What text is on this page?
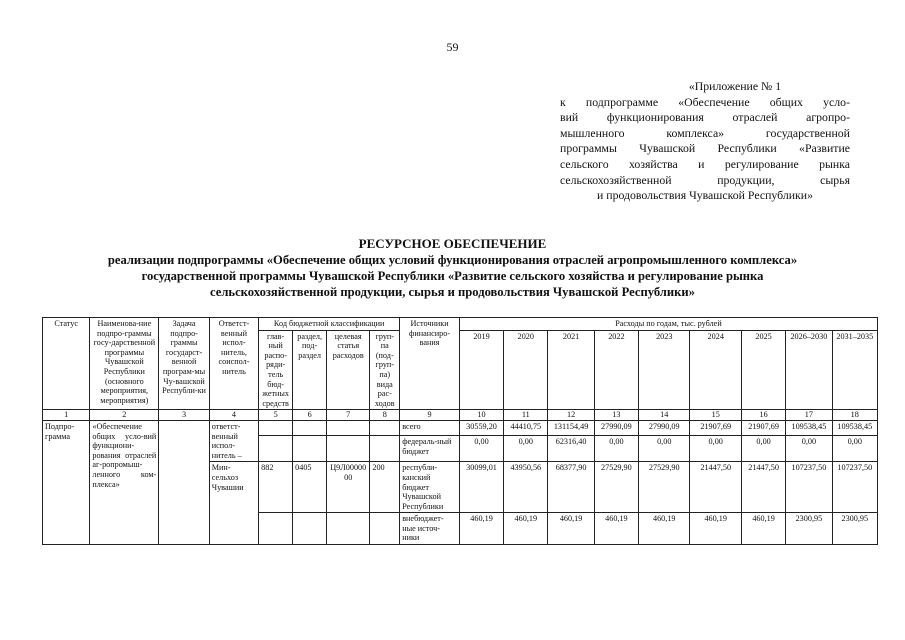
59
«Приложение № 1
к подпрограмме «Обеспечение общих усло-
вий функционирования отраслей агропро-
мышленного комплекса» государственной
программы Чувашской Республики «Развитие
сельского хозяйства и регулирование рынка
сельскохозяйственной продукции, сырья
и продовольствия Чувашской Республики»
РЕСУРСНОЕ ОБЕСПЕЧЕНИЕ
реализации подпрограммы «Обеспечение общих условий функционирования отраслей агропромышленного комплекса»
государственной программы Чувашской Республики «Развитие сельского хозяйства и регулирование рынка
сельскохозяйственной продукции, сырья и продовольствия Чувашской Республики»
Статус	Наименова-ние подпро-граммы госу-дарственной программы Чувашской Республики (основного мероприятия, мероприятия)	Задача подпро-граммы государст-венной програм-мы Чу-вашской Республи-ки	Ответст-венный испол-нитель, соиспол-нитель	Код бюджетной классификации				Источники финансиро-вания	Расходы по годам, тыс. рублей								
				глав-ный распо-ряди-тель бюд-жетных средств	раздел, под-раздел	целевая статья расходов	груп-па (под-груп-па) вида рас-ходов		2019	2020	2021	2022	2023	2024	2025	2026–2030	2031–2035
1	2	3	4	5	6	7	8	9	10	11	12	13	14	15	16	17	18
Подпро-грамма	«Обеспечение общих усло-вий функциони-рования отраслей аг-ропромыш-ленного ком-плекса»		ответст-венный испол-нитель –					всего	30559,20	44410,75	131154,49	27990,09	27990,09	21907,69	21907,69	109538,45	109538,45
								федераль-ный бюджет	0,00	0,00	62316,40	0,00	0,00	0,00	0,00	0,00	0,00
			Мин-сельхоз Чувашии	882	0405	Ц9Л0000000	200	республи-канский бюджет Чувашской Республики	30099,01	43950,56	68377,90	27529,90	27529,90	21447,50	21447,50	107237,50	107237,50
								внебюджет-ные источ-ники	460,19	460,19	460,19	460,19	460,19	460,19	460,19	2300,95	2300,95
